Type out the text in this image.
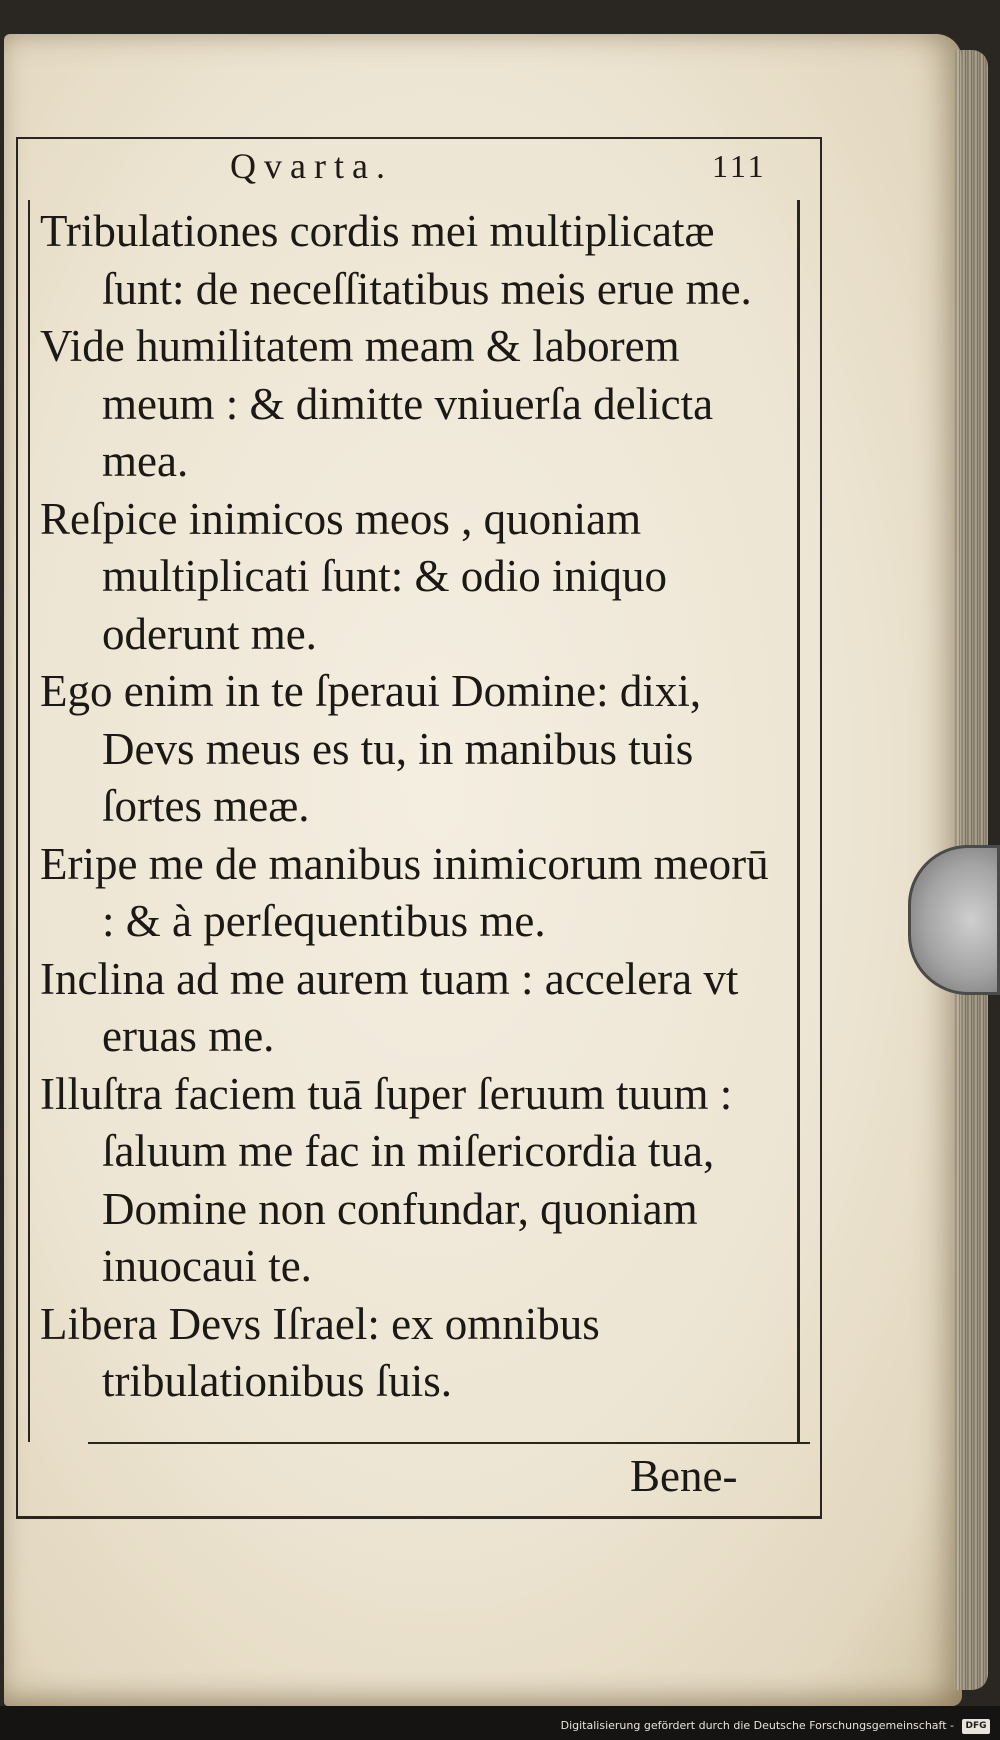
Qvarta.	111

Tribulationes cordis mei multiplicatæ ſunt: de neceſſitatibus meis erue me.

Vide humilitatem meam & laborem meum : & dimitte vniuerſa delicta mea.

Reſpice inimicos meos , quoniam multiplicati ſunt: & odio iniquo oderunt me.

Ego enim in te ſperaui Domine: dixi, Devs meus es tu, in manibus tuis ſortes meæ.

Eripe me de manibus inimicorum meorū : & à perſequentibus me.

Inclina ad me aurem tuam : accelera vt eruas me.

Illuſtra faciem tuā ſuper ſeruum tuum : ſaluum me fac in miſericordia tua, Domine non confundar, quoniam inuocaui te.

Libera Devs Iſrael: ex omnibus tribulationibus ſuis.

Bene-
Digitalisierung gefördert durch die Deutsche Forschungsgemeinschaft -	DFG
